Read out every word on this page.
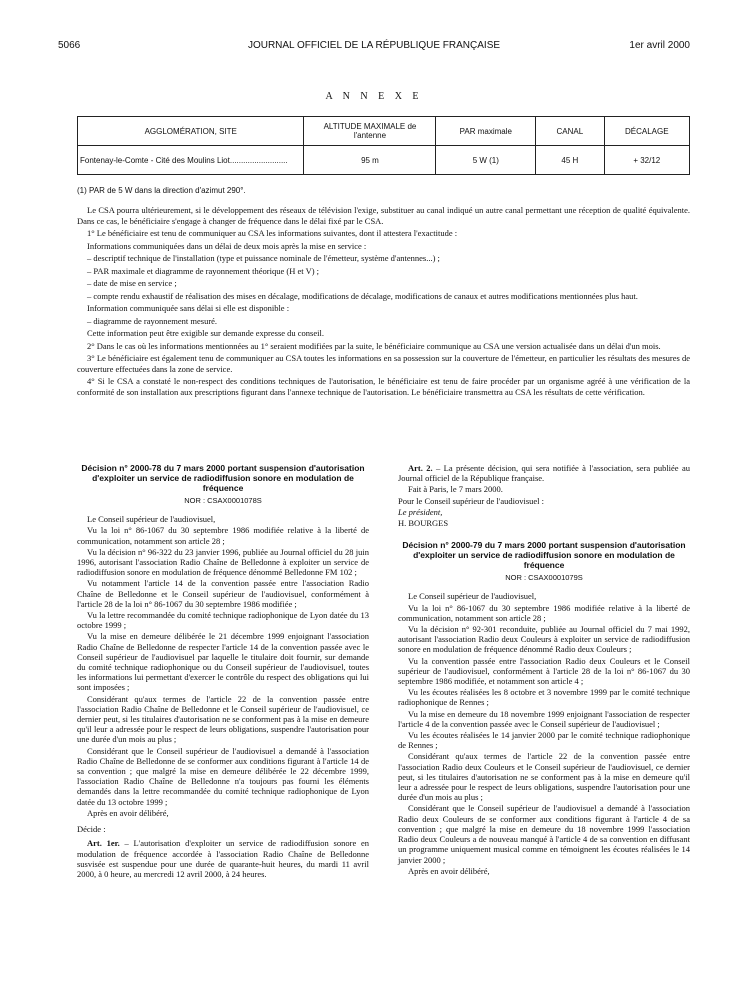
5066	JOURNAL OFFICIEL DE LA RÉPUBLIQUE FRANÇAISE	1er avril 2000
A N N E X E
AGGLOMÉRATION, SITE	ALTITUDE MAXIMALE de l'antenne	PAR maximale	CANAL	DÉCALAGE
Fontenay-le-Comte - Cité des Moulins Liot..........................	95 m	5 W (1)	45 H	+ 32/12
(1) PAR de 5 W dans la direction d'azimut 290°.

Le CSA pourra ultérieurement, si le développement des réseaux de télévision l'exige, substituer au canal indiqué un autre canal permettant une réception de qualité équivalente. Dans ce cas, le bénéficiaire s'engage à changer de fréquence dans le délai fixé par le CSA.

1° Le bénéficiaire est tenu de communiquer au CSA les informations suivantes, dont il attestera l'exactitude :

Informations communiquées dans un délai de deux mois après la mise en service :

– descriptif technique de l'installation (type et puissance nominale de l'émetteur, système d'antennes...) ;

– PAR maximale et diagramme de rayonnement théorique (H et V) ;

– date de mise en service ;

– compte rendu exhaustif de réalisation des mises en décalage, modifications de décalage, modifications de canaux et autres modifications mentionnées plus haut.

Information communiquée sans délai si elle est disponible :

– diagramme de rayonnement mesuré.

Cette information peut être exigible sur demande expresse du conseil.

2° Dans le cas où les informations mentionnées au 1° seraient modifiées par la suite, le bénéficiaire communique au CSA une version actualisée dans un délai d'un mois.

3° Le bénéficiaire est également tenu de communiquer au CSA toutes les informations en sa possession sur la couverture de l'émetteur, en particulier les résultats des mesures de couverture effectuées dans la zone de service.

4° Si le CSA a constaté le non-respect des conditions techniques de l'autorisation, le bénéficiaire est tenu de faire procéder par un organisme agréé à une vérification de la conformité de son installation aux prescriptions figurant dans l'annexe technique de l'autorisation. Le bénéficiaire transmettra au CSA les résultats de cette vérification.

Décision n° 2000-78 du 7 mars 2000 portant suspension d'autorisation d'exploiter un service de radiodiffusion sonore en modulation de fréquence
NOR : CSAX0001078S

Le Conseil supérieur de l'audiovisuel,

Vu la loi n° 86-1067 du 30 septembre 1986 modifiée relative à la liberté de communication, notamment son article 28 ;

Vu la décision n° 96-322 du 23 janvier 1996, publiée au Journal officiel du 28 juin 1996, autorisant l'association Radio Chaîne de Belledonne à exploiter un service de radiodiffusion sonore en modulation de fréquence dénommé Belledonne FM 102 ;

Vu notamment l'article 14 de la convention passée entre l'association Radio Chaîne de Belledonne et le Conseil supérieur de l'audiovisuel, conformément à l'article 28 de la loi n° 86-1067 du 30 septembre 1986 modifiée ;

Vu la lettre recommandée du comité technique radiophonique de Lyon datée du 13 octobre 1999 ;

Vu la mise en demeure délibérée le 21 décembre 1999 enjoignant l'association Radio Chaîne de Belledonne de respecter l'article 14 de la convention passée avec le Conseil supérieur de l'audiovisuel par laquelle le titulaire doit fournir, sur demande du comité technique radiophonique ou du Conseil supérieur de l'audiovisuel, toutes les informations lui permettant d'exercer le contrôle du respect des obligations qui lui sont imposées ;

Considérant qu'aux termes de l'article 22 de la convention passée entre l'association Radio Chaîne de Belledonne et le Conseil supérieur de l'audiovisuel, ce dernier peut, si les titulaires d'autorisation ne se conforment pas à la mise en demeure qu'il leur a adressée pour le respect de leurs obligations, suspendre l'autorisation pour une durée d'un mois au plus ;

Considérant que le Conseil supérieur de l'audiovisuel a demandé à l'association Radio Chaîne de Belledonne de se conformer aux conditions figurant à l'article 14 de sa convention ; que malgré la mise en demeure délibérée le 22 décembre 1999, l'association Radio Chaîne de Belledonne n'a toujours pas fourni les éléments demandés dans la lettre recommandée du comité technique radiophonique de Lyon datée du 13 octobre 1999 ;

Après en avoir délibéré,

Décide :

Art. 1er. – L'autorisation d'exploiter un service de radiodiffusion sonore en modulation de fréquence accordée à l'association Radio Chaîne de Belledonne susvisée est suspendue pour une durée de quarante-huit heures, du mardi 11 avril 2000, à 0 heure, au mercredi 12 avril 2000, à 24 heures.

Art. 2. – La présente décision, qui sera notifiée à l'association, sera publiée au Journal officiel de la République française.

Fait à Paris, le 7 mars 2000.

Pour le Conseil supérieur de l'audiovisuel :

Le président,

H. BOURGES

Décision n° 2000-79 du 7 mars 2000 portant suspension d'autorisation d'exploiter un service de radiodiffusion sonore en modulation de fréquence
NOR : CSAX0001079S

Le Conseil supérieur de l'audiovisuel,

Vu la loi n° 86-1067 du 30 septembre 1986 modifiée relative à la liberté de communication, notamment son article 28 ;

Vu la décision n° 92-301 reconduite, publiée au Journal officiel du 7 mai 1992, autorisant l'association Radio deux Couleurs à exploiter un service de radiodiffusion sonore en modulation de fréquence dénommé Radio deux Couleurs ;

Vu la convention passée entre l'association Radio deux Couleurs et le Conseil supérieur de l'audiovisuel, conformément à l'article 28 de la loi n° 86-1067 du 30 septembre 1986 modifiée, et notamment son article 4 ;

Vu les écoutes réalisées les 8 octobre et 3 novembre 1999 par le comité technique radiophonique de Rennes ;

Vu la mise en demeure du 18 novembre 1999 enjoignant l'association de respecter l'article 4 de la convention passée avec le Conseil supérieur de l'audiovisuel ;

Vu les écoutes réalisées le 14 janvier 2000 par le comité technique radiophonique de Rennes ;

Considérant qu'aux termes de l'article 22 de la convention passée entre l'association Radio deux Couleurs et le Conseil supérieur de l'audiovisuel, ce dernier peut, si les titulaires d'autorisation ne se conforment pas à la mise en demeure qu'il leur a adressée pour le respect de leurs obligations, suspendre l'autorisation pour une durée d'un mois au plus ;

Considérant que le Conseil supérieur de l'audiovisuel a demandé à l'association Radio deux Couleurs de se conformer aux conditions figurant à l'article 4 de sa convention ; que malgré la mise en demeure du 18 novembre 1999 l'association Radio deux Couleurs a de nouveau manqué à l'article 4 de sa convention en diffusant un programme uniquement musical comme en témoignent les écoutes réalisées le 14 janvier 2000 ;

Après en avoir délibéré,
